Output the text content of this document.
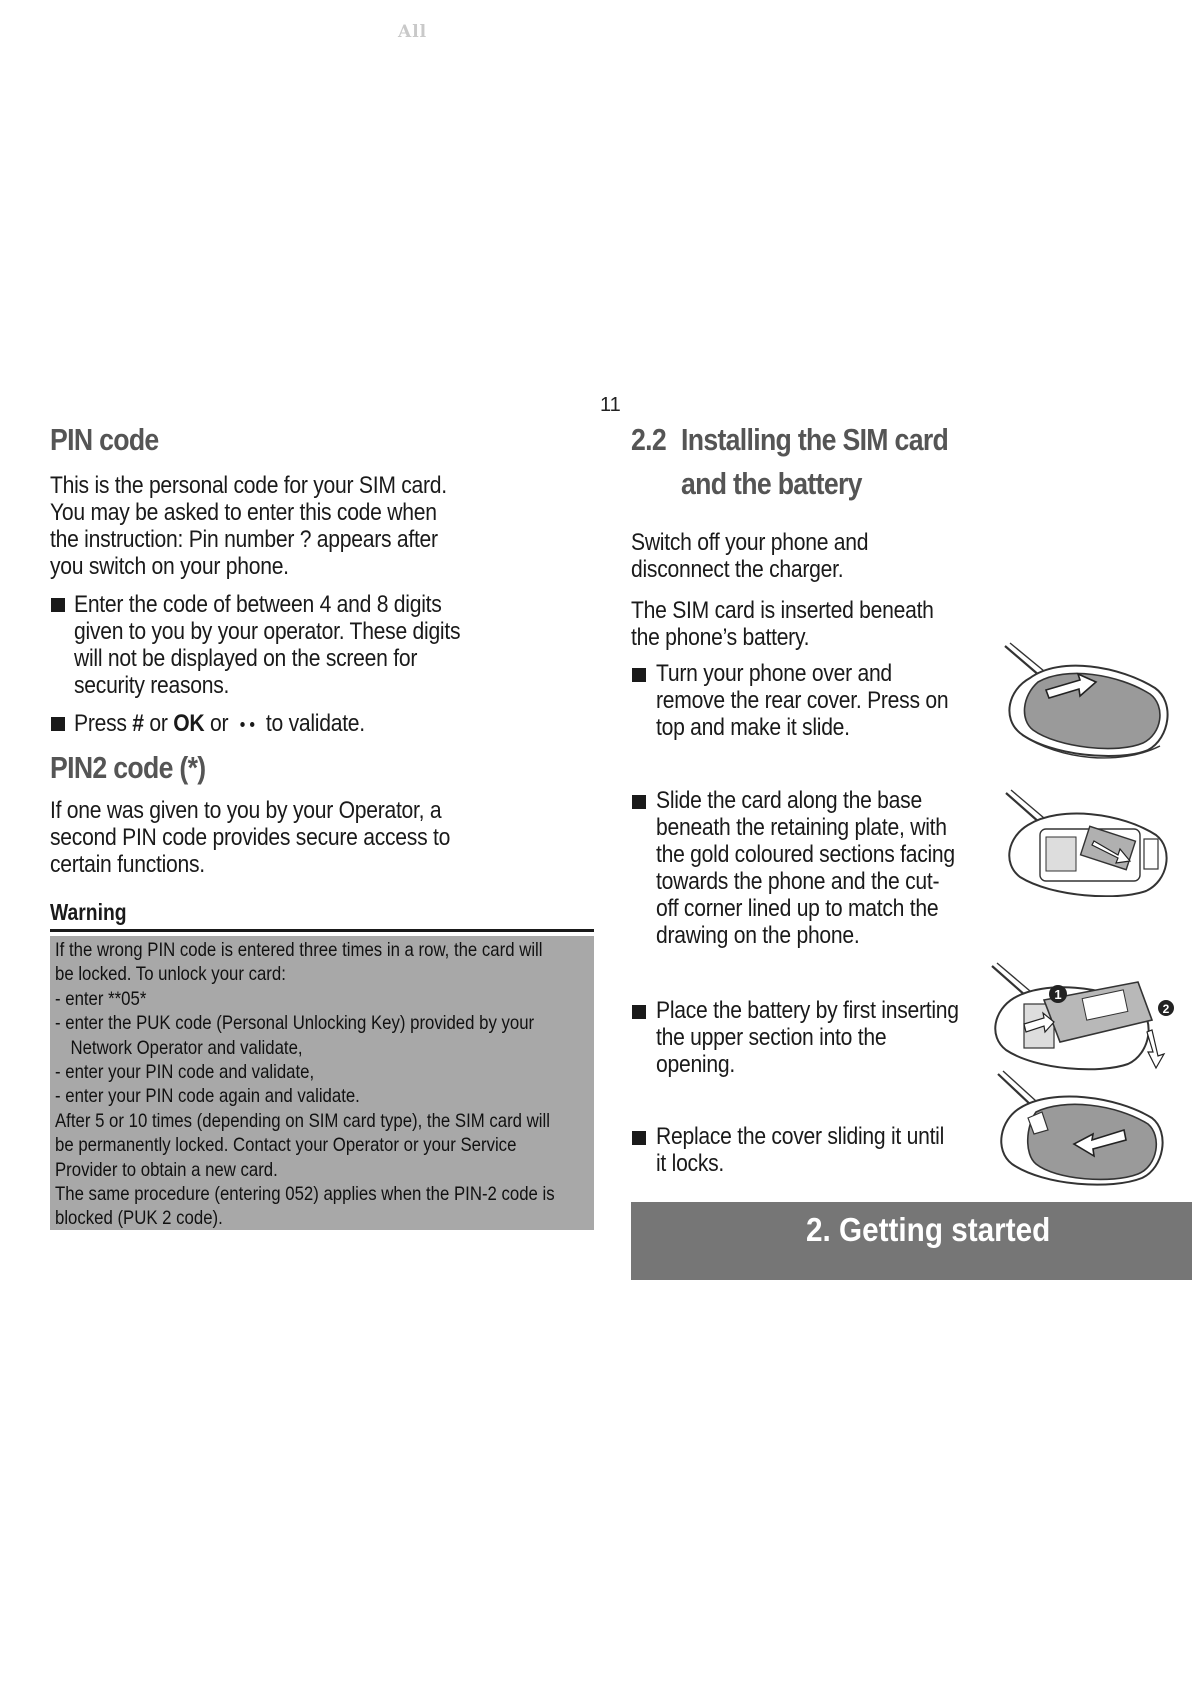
All
11
PIN code
This is the personal code for your SIM card.
You may be asked to enter this code when
the instruction: Pin number ? appears after
you switch on your phone.
Enter the code of between 4 and 8 digits
given to you by your operator. These digits
will not be displayed on the screen for
security reasons.
Press # or OK or to validate.
PIN2 code (*)
If one was given to you by your Operator, a
second PIN code provides secure access to
certain functions.
Warning
If the wrong PIN code is entered three times in a row, the card will
be locked. To unlock your card:
- enter **05*
- enter the PUK code (Personal Unlocking Key) provided by your
Network Operator and validate,
- enter your PIN code and validate,
- enter your PIN code again and validate.
After 5 or 10 times (depending on SIM card type), the SIM card will
be permanently locked. Contact your Operator or your Service
Provider to obtain a new card.
The same procedure (entering 052) applies when the PIN-2 code is
blocked (PUK 2 code).
2.2 Installing the SIM card
and the battery
Switch off your phone and
disconnect the charger.
The SIM card is inserted beneath
the phone’s battery.
Turn your phone over and
remove the rear cover. Press on
top and make it slide.
Slide the card along the base
beneath the retaining plate, with
the gold coloured sections facing
towards the phone and the cut-
off corner lined up to match the
drawing on the phone.
Place the battery by first inserting
the upper section into the
opening.
Replace the cover sliding it until
it locks.
1
2
2. Getting started
